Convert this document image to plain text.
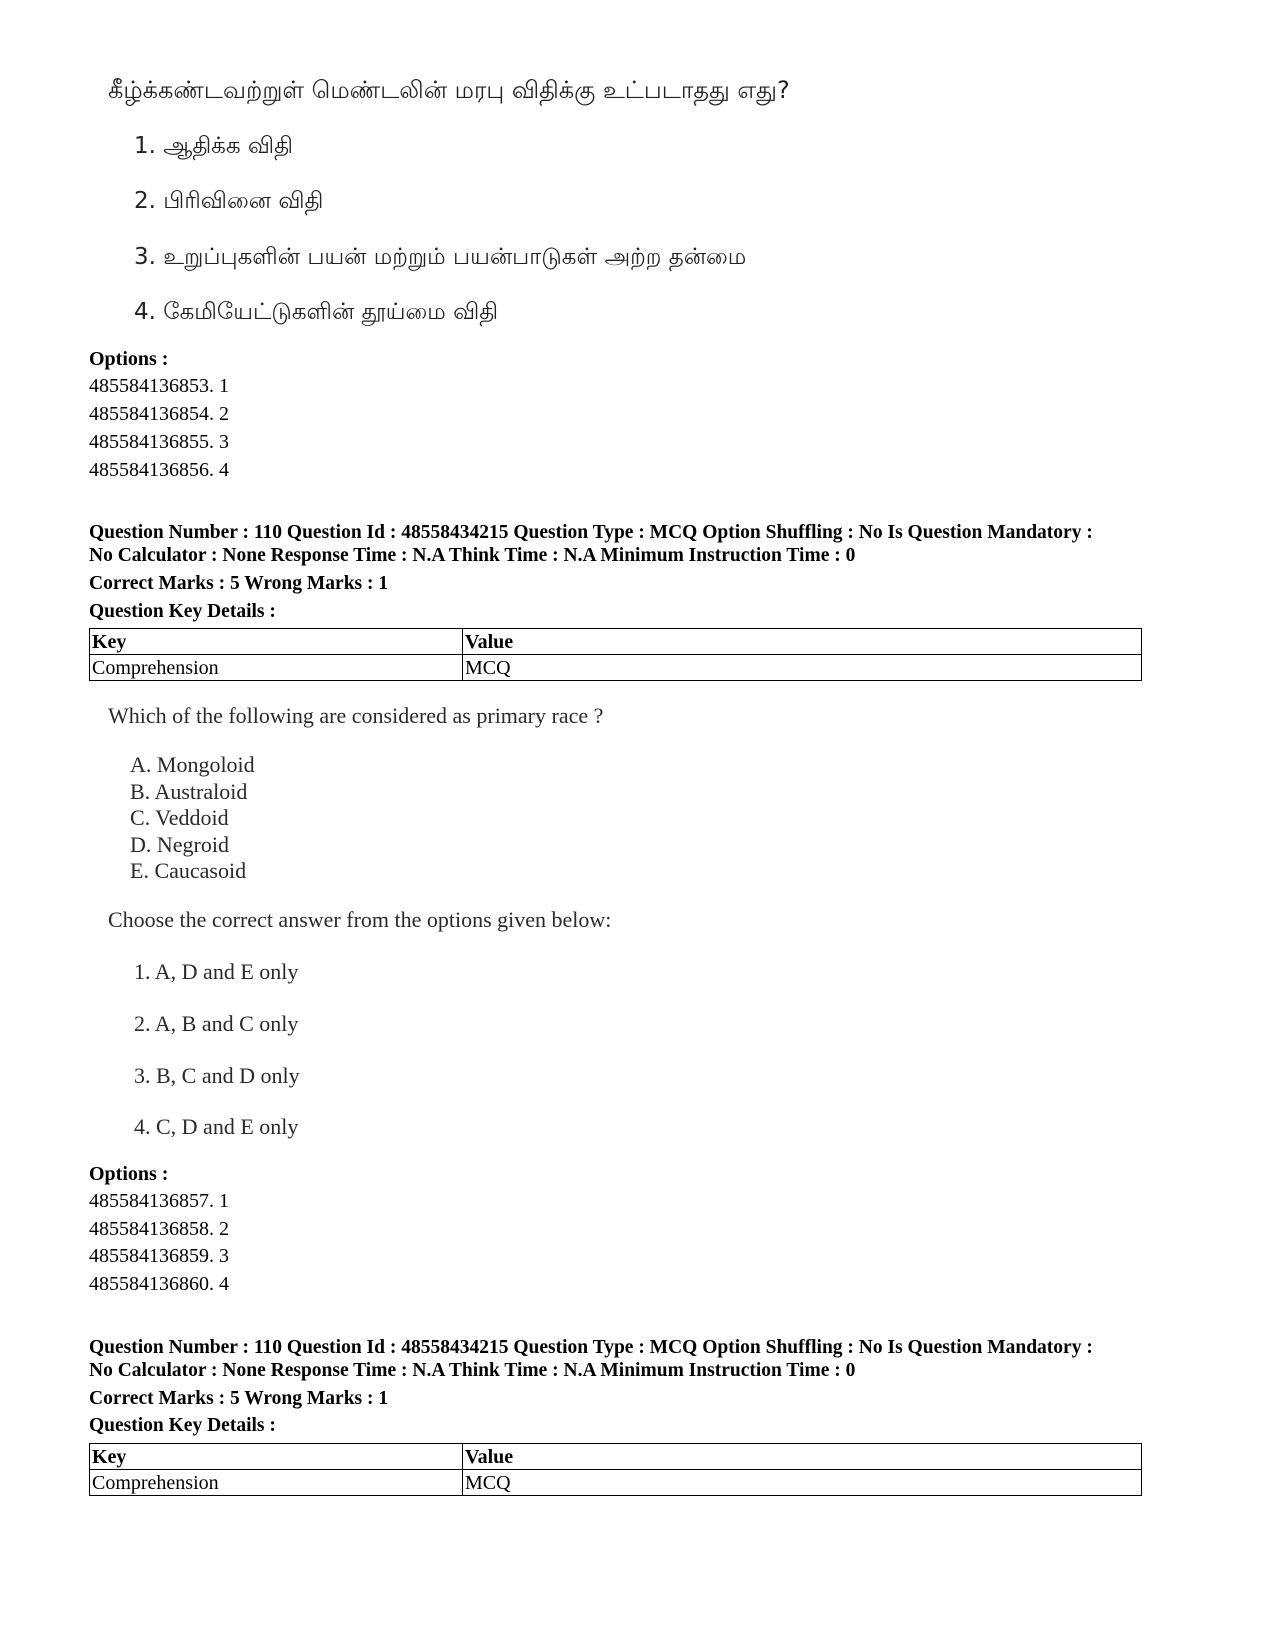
கீழ்க்கண்டவற்றுள் மெண்டலின் மரபு விதிக்கு உட்படாதது எது?
1. ஆதிக்க விதி
2. பிரிவினை விதி
3. உறுப்புகளின் பயன் மற்றும் பயன்பாடுகள் அற்ற தன்மை
4. கேமியேட்டுகளின் தூய்மை விதி
Options :
485584136853. 1
485584136854. 2
485584136855. 3
485584136856. 4
Question Number : 110 Question Id : 48558434215 Question Type : MCQ Option Shuffling : No Is Question Mandatory :
No Calculator : None Response Time : N.A Think Time : N.A Minimum Instruction Time : 0
Correct Marks : 5 Wrong Marks : 1
Question Key Details :
Key	Value
Comprehension	MCQ
Which of the following are considered as primary race ?
A. Mongoloid
B. Australoid
C. Veddoid
D. Negroid
E. Caucasoid
Choose the correct answer from the options given below:
1. A, D and E only
2. A, B and C only
3. B, C and D only
4. C, D and E only
Options :
485584136857. 1
485584136858. 2
485584136859. 3
485584136860. 4
Question Number : 110 Question Id : 48558434215 Question Type : MCQ Option Shuffling : No Is Question Mandatory :
No Calculator : None Response Time : N.A Think Time : N.A Minimum Instruction Time : 0
Correct Marks : 5 Wrong Marks : 1
Question Key Details :
Key	Value
Comprehension	MCQ
